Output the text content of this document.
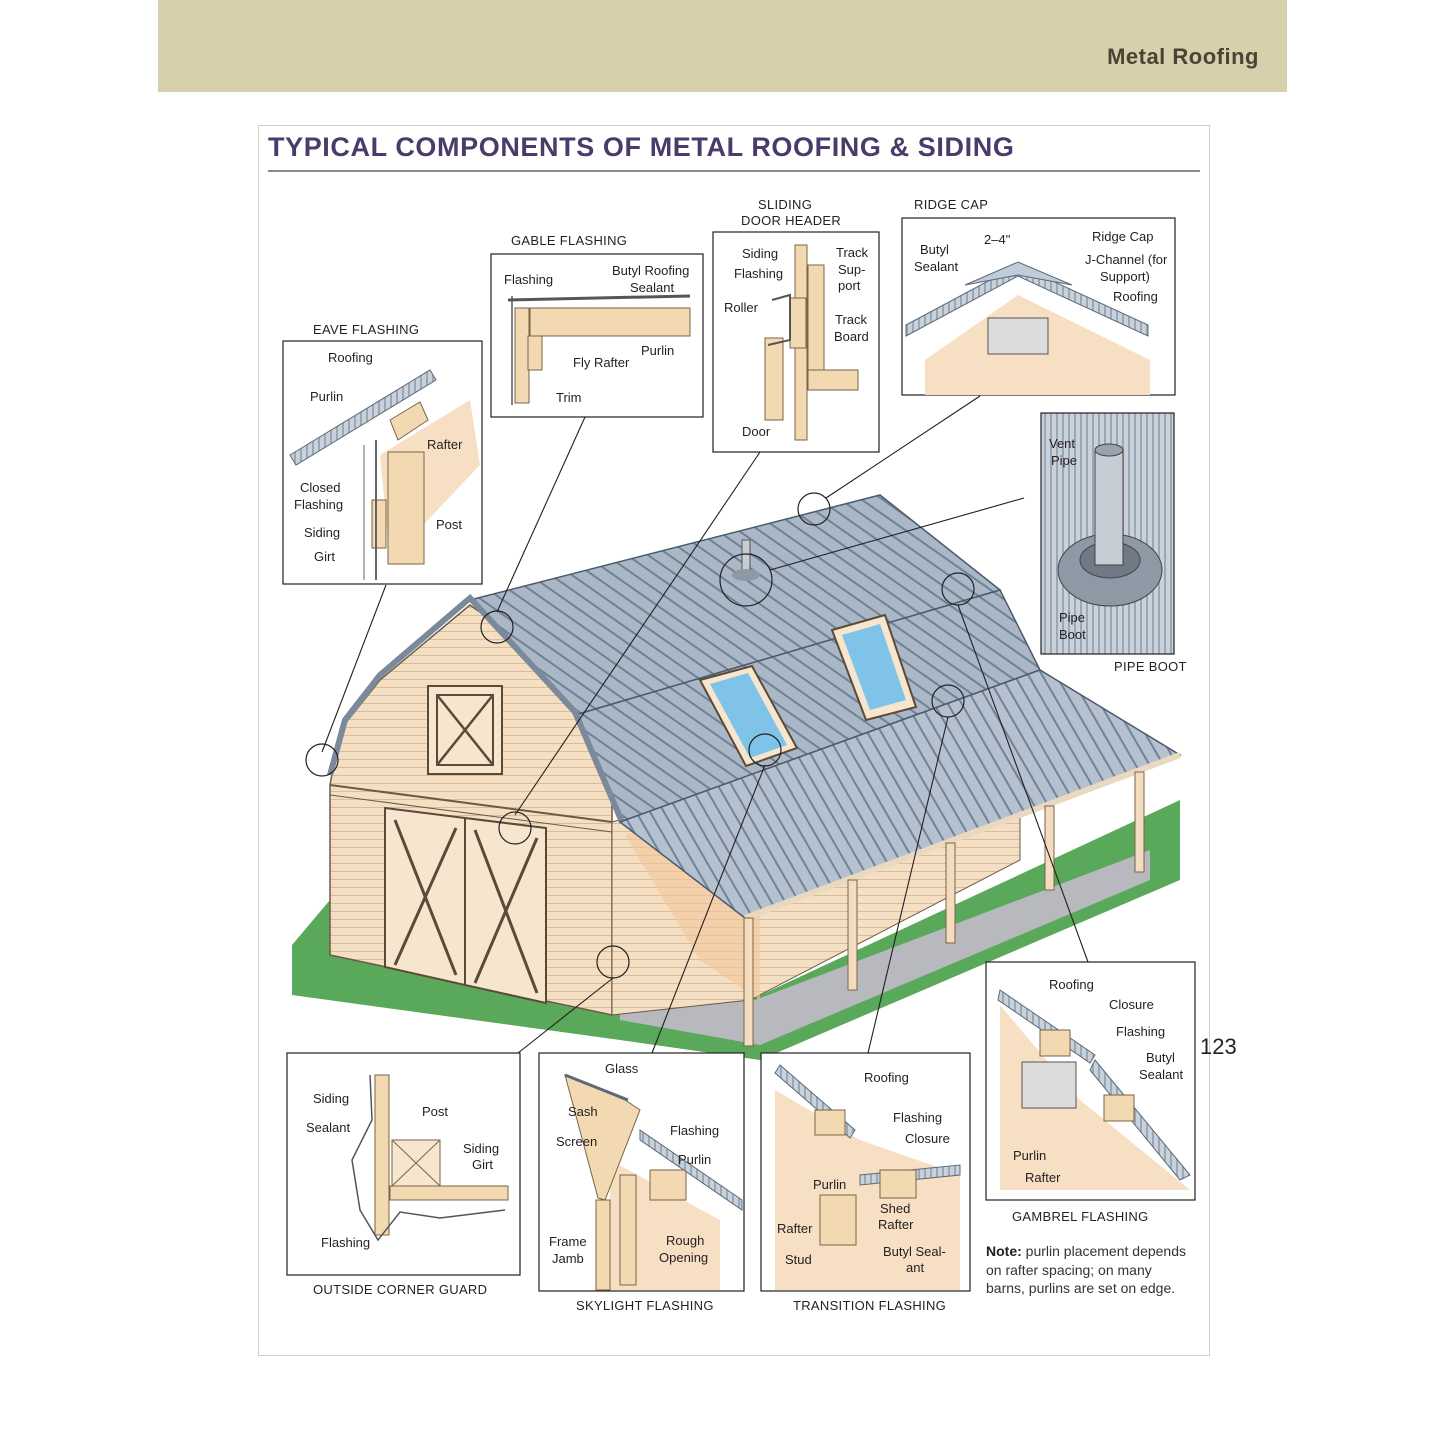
Metal Roofing
TYPICAL COMPONENTS OF METAL ROOFING & SIDING
EAVE FLASHING
Roofing
Purlin
Rafter
Closed
Flashing
Siding
Girt
Post
GABLE FLASHING
Flashing
Butyl Roofing
Sealant
Purlin
Fly Rafter
Trim
SLIDING
DOOR HEADER
Siding
Flashing
Track
Sup-
port
Roller
Track
Board
Door
RIDGE CAP
2–4"
Butyl
Sealant
Ridge Cap
J-Channel (for
Support)
Roofing
PIPE BOOT
Vent
Pipe
Pipe
Boot
OUTSIDE CORNER GUARD
Siding
Sealant
Post
Siding
Girt
Flashing
SKYLIGHT FLASHING
Glass
Sash
Screen
Flashing
Purlin
Frame
Jamb
Rough
Opening
TRANSITION FLASHING
Roofing
Flashing
Closure
Purlin
Shed
Rafter
Rafter
Stud
Butyl Seal-
ant
GAMBREL FLASHING
Roofing
Closure
Flashing
Butyl
Sealant
Purlin
Rafter
Note: purlin placement depends on rafter spacing; on many barns, purlins are set on edge.
123
